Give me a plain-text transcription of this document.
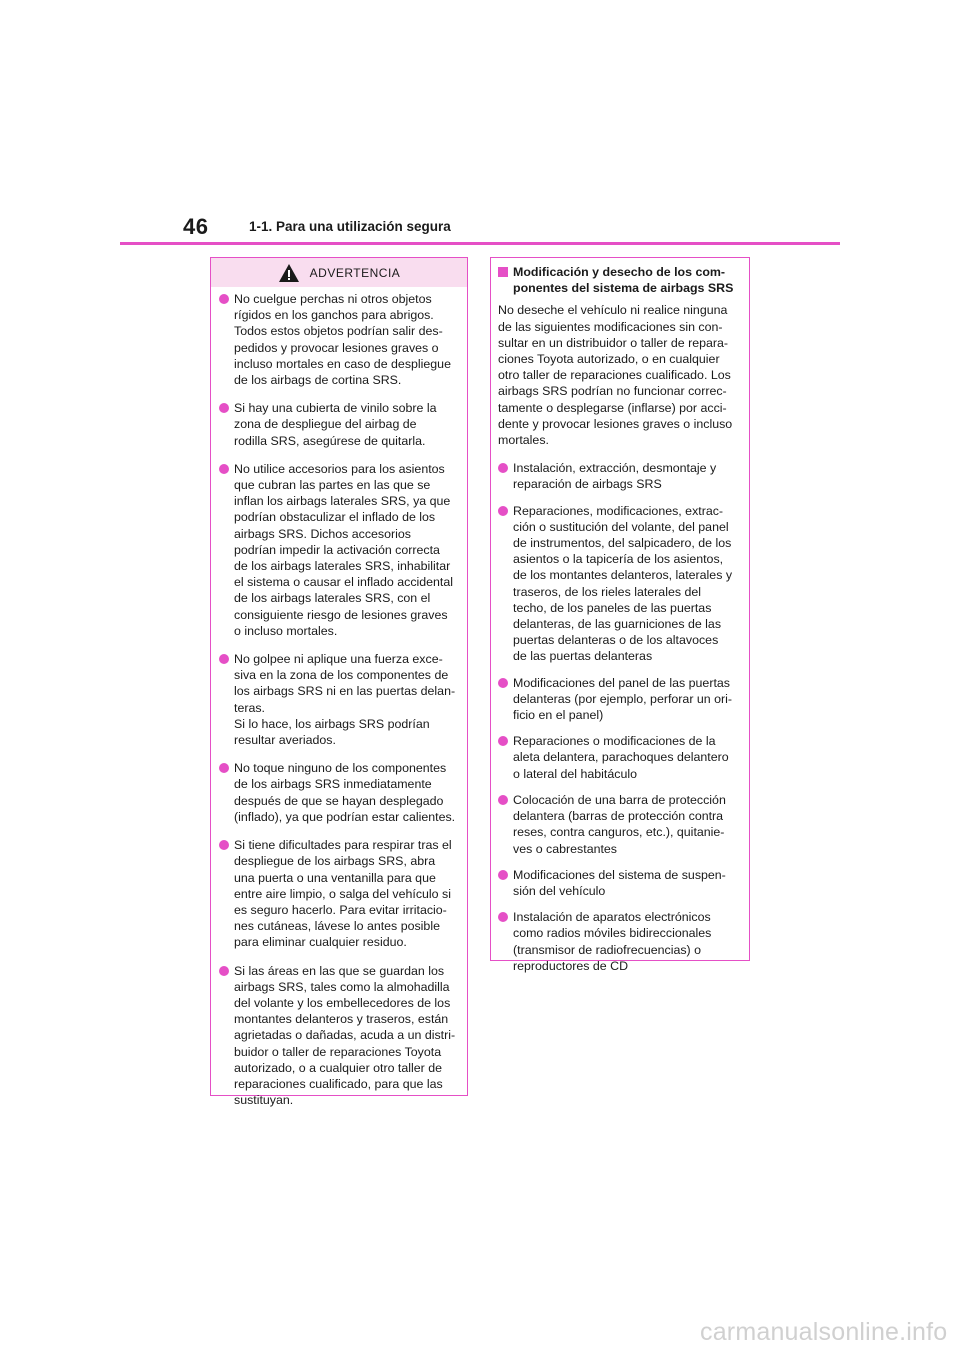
46	1-1. Para una utilización segura
ADVERTENCIA
No cuelgue perchas ni otros objetos
rígidos en los ganchos para abrigos.
Todos estos objetos podrían salir des-
pedidos y provocar lesiones graves o
incluso mortales en caso de despliegue
de los airbags de cortina SRS.
Si hay una cubierta de vinilo sobre la
zona de despliegue del airbag de
rodilla SRS, asegúrese de quitarla.
No utilice accesorios para los asientos
que cubran las partes en las que se
inflan los airbags laterales SRS, ya que
podrían obstaculizar el inflado de los
airbags SRS. Dichos accesorios
podrían impedir la activación correcta
de los airbags laterales SRS, inhabilitar
el sistema o causar el inflado accidental
de los airbags laterales SRS, con el
consiguiente riesgo de lesiones graves
o incluso mortales.
No golpee ni aplique una fuerza exce-
siva en la zona de los componentes de
los airbags SRS ni en las puertas delan-
teras.
Si lo hace, los airbags SRS podrían
resultar averiados.
No toque ninguno de los componentes
de los airbags SRS inmediatamente
después de que se hayan desplegado
(inflado), ya que podrían estar calientes.
Si tiene dificultades para respirar tras el
despliegue de los airbags SRS, abra
una puerta o una ventanilla para que
entre aire limpio, o salga del vehículo si
es seguro hacerlo. Para evitar irritacio-
nes cutáneas, lávese lo antes posible
para eliminar cualquier residuo.
Si las áreas en las que se guardan los
airbags SRS, tales como la almohadilla
del volante y los embellecedores de los
montantes delanteros y traseros, están
agrietadas o dañadas, acuda a un distri-
buidor o taller de reparaciones Toyota
autorizado, o a cualquier otro taller de
reparaciones cualificado, para que las
sustituyan.
Modificación y desecho de los com-
ponentes del sistema de airbags SRS
No deseche el vehículo ni realice ninguna
de las siguientes modificaciones sin con-
sultar en un distribuidor o taller de repara-
ciones Toyota autorizado, o en cualquier
otro taller de reparaciones cualificado. Los
airbags SRS podrían no funcionar correc-
tamente o desplegarse (inflarse) por acci-
dente y provocar lesiones graves o incluso
mortales.
Instalación, extracción, desmontaje y
reparación de airbags SRS
Reparaciones, modificaciones, extrac-
ción o sustitución del volante, del panel
de instrumentos, del salpicadero, de los
asientos o la tapicería de los asientos,
de los montantes delanteros, laterales y
traseros, de los rieles laterales del
techo, de los paneles de las puertas
delanteras, de las guarniciones de las
puertas delanteras o de los altavoces
de las puertas delanteras
Modificaciones del panel de las puertas
delanteras (por ejemplo, perforar un ori-
ficio en el panel)
Reparaciones o modificaciones de la
aleta delantera, parachoques delantero
o lateral del habitáculo
Colocación de una barra de protección
delantera (barras de protección contra
reses, contra canguros, etc.), quitanie-
ves o cabrestantes
Modificaciones del sistema de suspen-
sión del vehículo
Instalación de aparatos electrónicos
como radios móviles bidireccionales
(transmisor de radiofrecuencias) o
reproductores de CD
carmanualsonline.info
